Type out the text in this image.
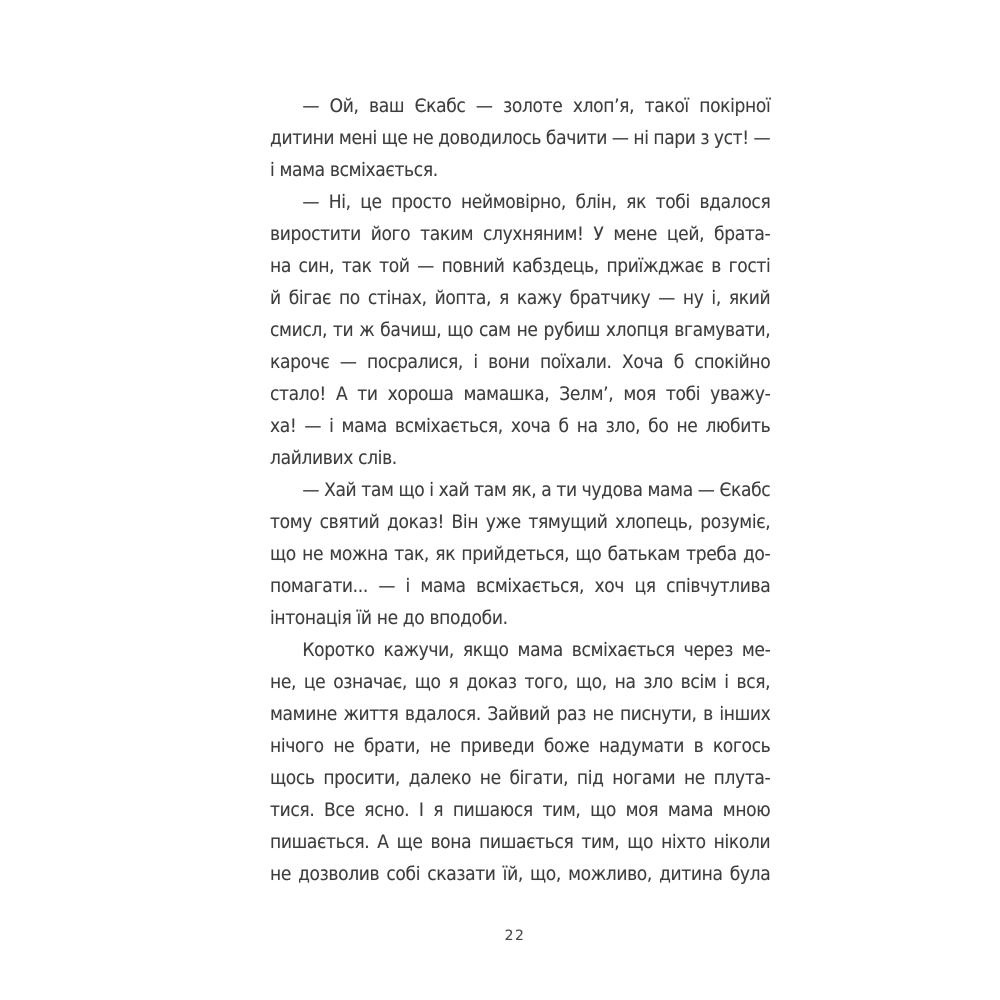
— Ой, ваш Єкабс — золоте хлоп’я, такої покірної
дитини мені ще не доводилось бачити — ні пари з уст! —
і мама всміхається.
— Ні, це просто неймовірно, блін, як тобі вдалося
виростити його таким слухняним! У мене цей, брата-
на син, так той — повний кабздець, приїжджає в гості
й бігає по стінах, йопта, я кажу братчику — ну і, який
смисл, ти ж бачиш, що сам не рубиш хлопця вгамувати,
карочє — посралися, і вони поїхали. Хоча б спокійно
стало! А ти хороша мамашка, Зелм’, моя тобі уважу-
ха! — і мама всміхається, хоча б на зло, бо не любить
лайливих слів.
— Хай там що і хай там як, а ти чудова мама — Єкабс
тому святий доказ! Він уже тямущий хлопець, розуміє,
що не можна так, як прийдеться, що батькам треба до-
помагати... — і мама всміхається, хоч ця співчутлива
інтонація їй не до вподоби.
Коротко кажучи, якщо мама всміхається через ме-
не, це означає, що я доказ того, що, на зло всім і вся,
мамине життя вдалося. Зайвий раз не писнути, в інших
нічого не брати, не приведи боже надумати в когось
щось просити, далеко не бігати, під ногами не плута-
тися. Все ясно. І я пишаюся тим, що моя мама мною
пишається. А ще вона пишається тим, що ніхто ніколи
не дозволив собі сказати їй, що, можливо, дитина була
22
